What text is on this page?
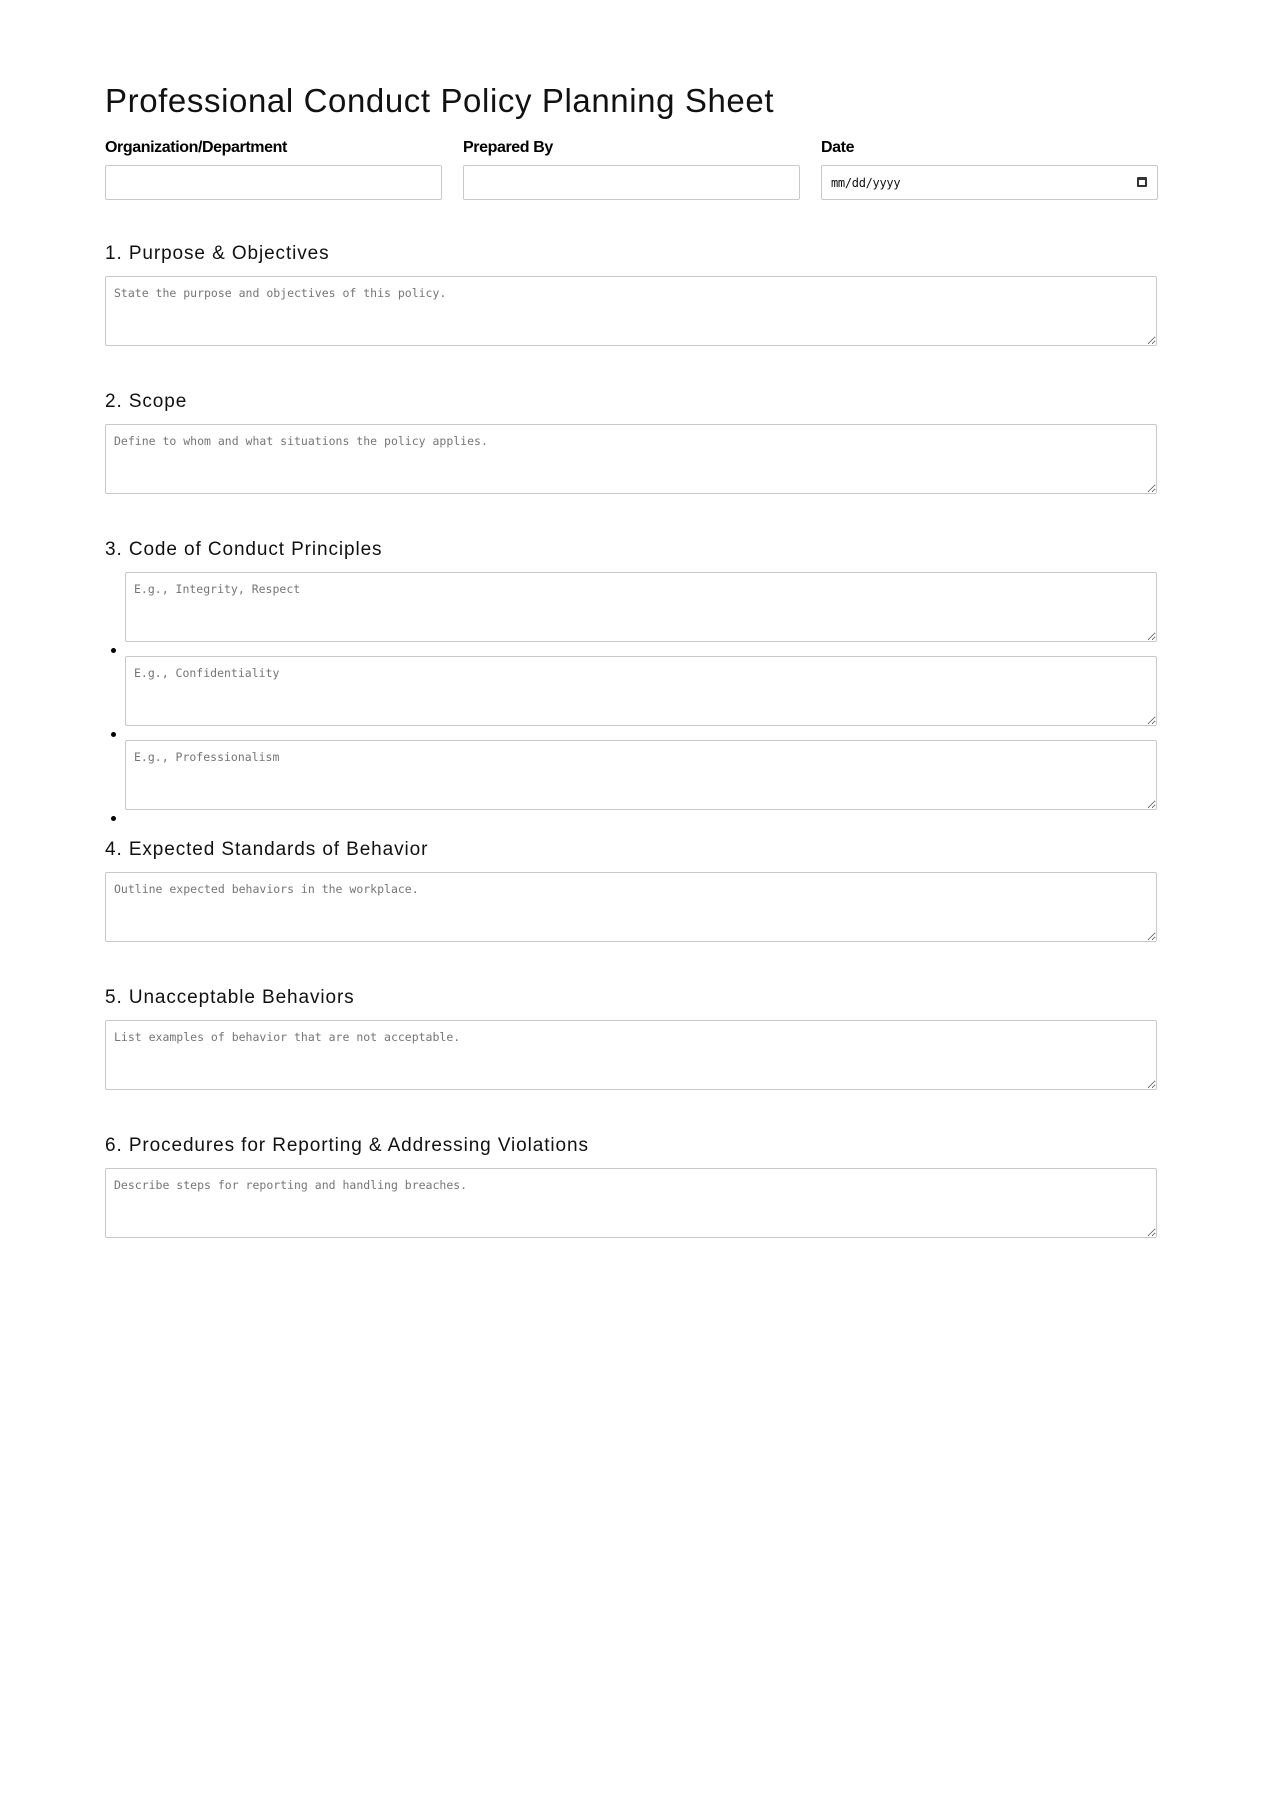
Professional Conduct Policy Planning Sheet
Organization/Department	Prepared By	Date
mm/dd/yyyy
1. Purpose & Objectives
State the purpose and objectives of this policy.
2. Scope
Define to whom and what situations the policy applies.
3. Code of Conduct Principles
E.g., Integrity, Respect
E.g., Confidentiality
E.g., Professionalism
4. Expected Standards of Behavior
Outline expected behaviors in the workplace.
5. Unacceptable Behaviors
List examples of behavior that are not acceptable.
6. Procedures for Reporting & Addressing Violations
Describe steps for reporting and handling breaches.
